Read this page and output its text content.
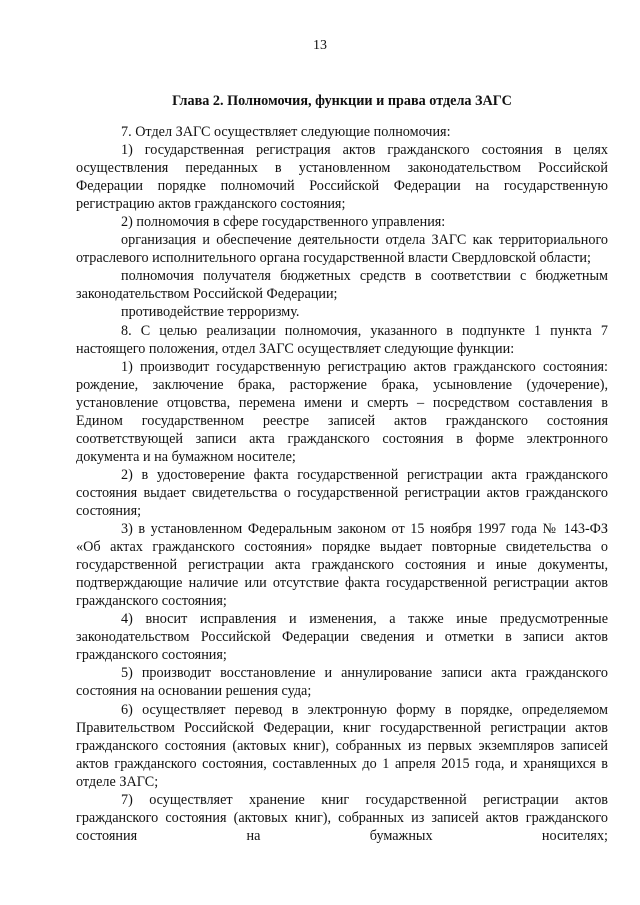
13
Глава 2. Полномочия, функции и права отдела ЗАГС

7. Отдел ЗАГС осуществляет следующие полномочия:

1) государственная регистрация актов гражданского состояния в целях осуществления переданных в установленном законодательством Российской Федерации порядке полномочий Российской Федерации на государственную регистрацию актов гражданского состояния;

2) полномочия в сфере государственного управления:

организация и обеспечение деятельности отдела ЗАГС как территориального отраслевого исполнительного органа государственной власти Свердловской области;

полномочия получателя бюджетных средств в соответствии с бюджетным законодательством Российской Федерации;

противодействие терроризму.

8. С целью реализации полномочия, указанного в подпункте 1 пункта 7 настоящего положения, отдел ЗАГС осуществляет следующие функции:

1) производит государственную регистрацию актов гражданского состояния: рождение, заключение брака, расторжение брака, усыновление (удочерение), установление отцовства, перемена имени и смерть – посредством составления в Едином государственном реестре записей актов гражданского состояния соответствующей записи акта гражданского состояния в форме электронного документа и на бумажном носителе;

2) в удостоверение факта государственной регистрации акта гражданского состояния выдает свидетельства о государственной регистрации актов гражданского состояния;

3) в установленном Федеральным законом от 15 ноября 1997 года № 143-ФЗ «Об актах гражданского состояния» порядке выдает повторные свидетельства о государственной регистрации акта гражданского состояния и иные документы, подтверждающие наличие или отсутствие факта государственной регистрации актов гражданского состояния;

4) вносит исправления и изменения, а также иные предусмотренные законодательством Российской Федерации сведения и отметки в записи актов гражданского состояния;

5) производит восстановление и аннулирование записи акта гражданского состояния на основании решения суда;

6) осуществляет перевод в электронную форму в порядке, определяемом Правительством Российской Федерации, книг государственной регистрации актов гражданского состояния (актовых книг), собранных из первых экземпляров записей актов гражданского состояния, составленных до 1 апреля 2015 года, и хранящихся в отделе ЗАГС;

7) осуществляет хранение книг государственной регистрации актов гражданского состояния (актовых книг), собранных из записей актов гражданского состояния на бумажных носителях;
